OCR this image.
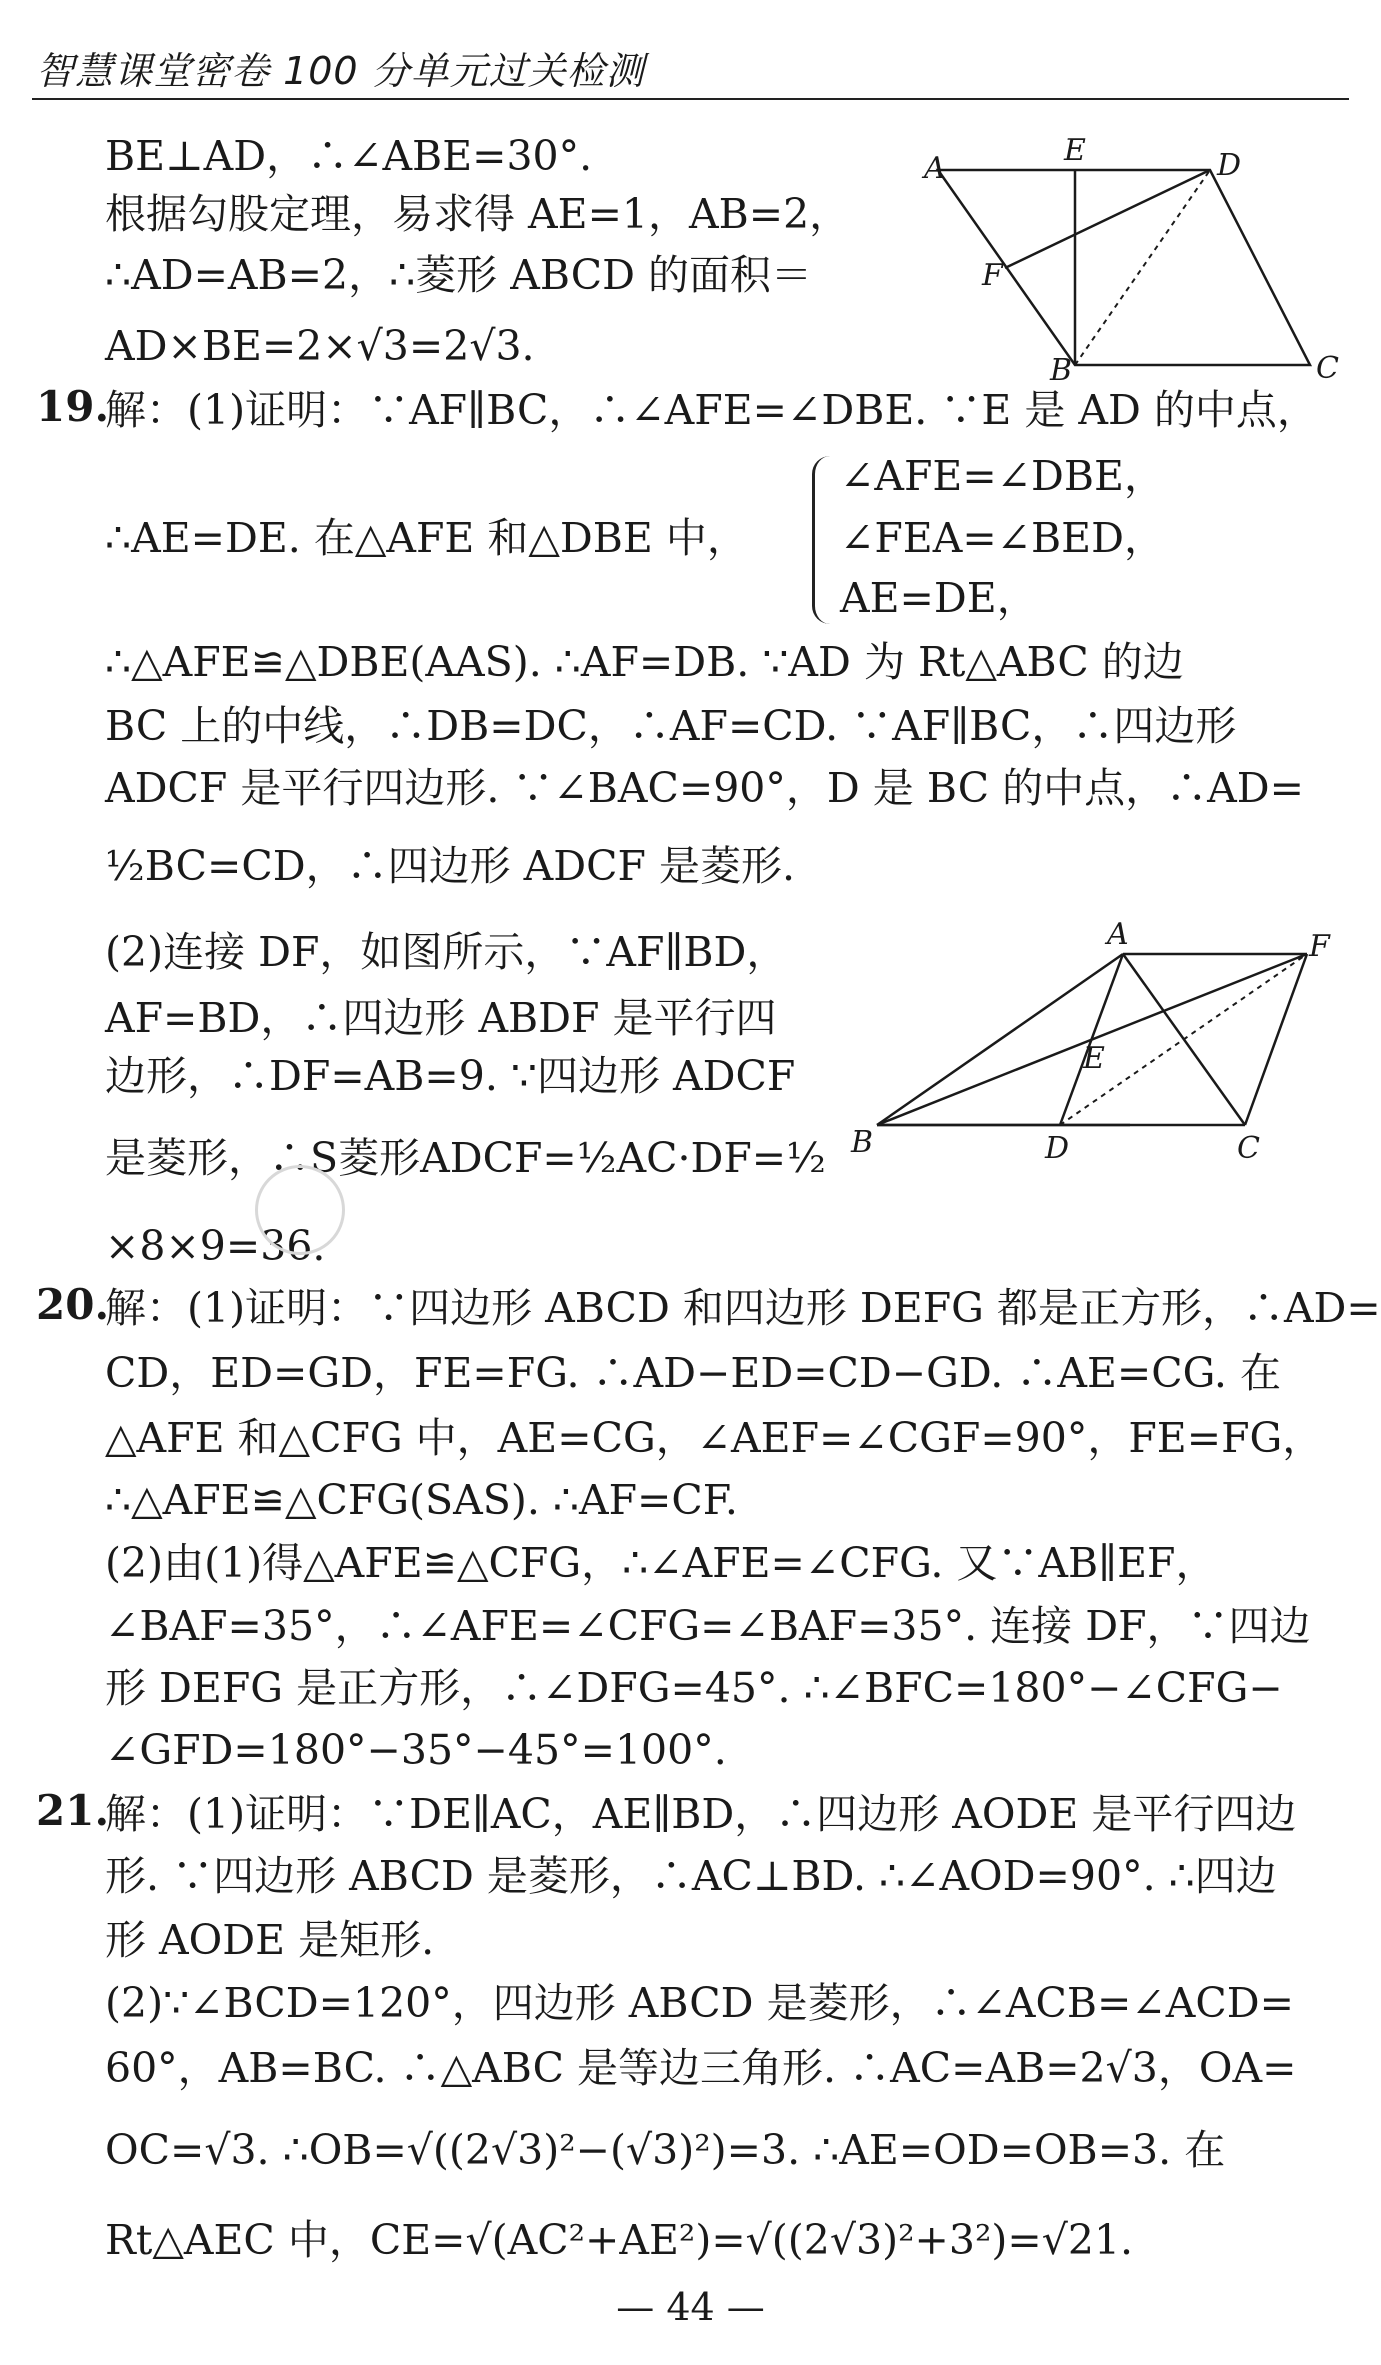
智慧课堂密卷 100 分单元过关检测
A
E	D
F
B	C
A	F
E
B	D	C
BE⊥AD，∴∠ABE=30°.
根据勾股定理，易求得 AE=1，AB=2，
∴AD=AB=2，∴菱形 ABCD 的面积＝
AD×BE=2×√3=2√3.
19.
解：(1)证明：∵AF∥BC，∴∠AFE=∠DBE. ∵E 是 AD 的中点，
∴AE=DE. 在△AFE 和△DBE 中，
∠AFE=∠DBE，
∠FEA=∠BED，
AE=DE，
∴△AFE≌△DBE(AAS). ∴AF=DB. ∵AD 为 Rt△ABC 的边
BC 上的中线，∴DB=DC，∴AF=CD. ∵AF∥BC，∴四边形
ADCF 是平行四边形. ∵∠BAC=90°，D 是 BC 的中点，∴AD=
½BC=CD，∴四边形 ADCF 是菱形.
(2)连接 DF，如图所示，∵AF∥BD，
AF=BD，∴四边形 ABDF 是平行四
边形，∴DF=AB=9. ∵四边形 ADCF
是菱形，∴S菱形ADCF=½AC·DF=½
×8×9=36.
20.
解：(1)证明：∵四边形 ABCD 和四边形 DEFG 都是正方形，∴AD=
CD，ED=GD，FE=FG. ∴AD−ED=CD−GD. ∴AE=CG. 在
△AFE 和△CFG 中，AE=CG，∠AEF=∠CGF=90°，FE=FG，
∴△AFE≌△CFG(SAS). ∴AF=CF.
(2)由(1)得△AFE≌△CFG，∴∠AFE=∠CFG. 又∵AB∥EF，
∠BAF=35°，∴∠AFE=∠CFG=∠BAF=35°. 连接 DF，∵四边
形 DEFG 是正方形，∴∠DFG=45°. ∴∠BFC=180°−∠CFG−
∠GFD=180°−35°−45°=100°.
21.
解：(1)证明：∵DE∥AC，AE∥BD，∴四边形 AODE 是平行四边
形. ∵四边形 ABCD 是菱形，∴AC⊥BD. ∴∠AOD=90°. ∴四边
形 AODE 是矩形.
(2)∵∠BCD=120°，四边形 ABCD 是菱形，∴∠ACB=∠ACD=
60°，AB=BC. ∴△ABC 是等边三角形. ∴AC=AB=2√3，OA=
OC=√3. ∴OB=√((2√3)²−(√3)²)=3. ∴AE=OD=OB=3. 在
Rt△AEC 中，CE=√(AC²+AE²)=√((2√3)²+3²)=√21.
— 44 —
